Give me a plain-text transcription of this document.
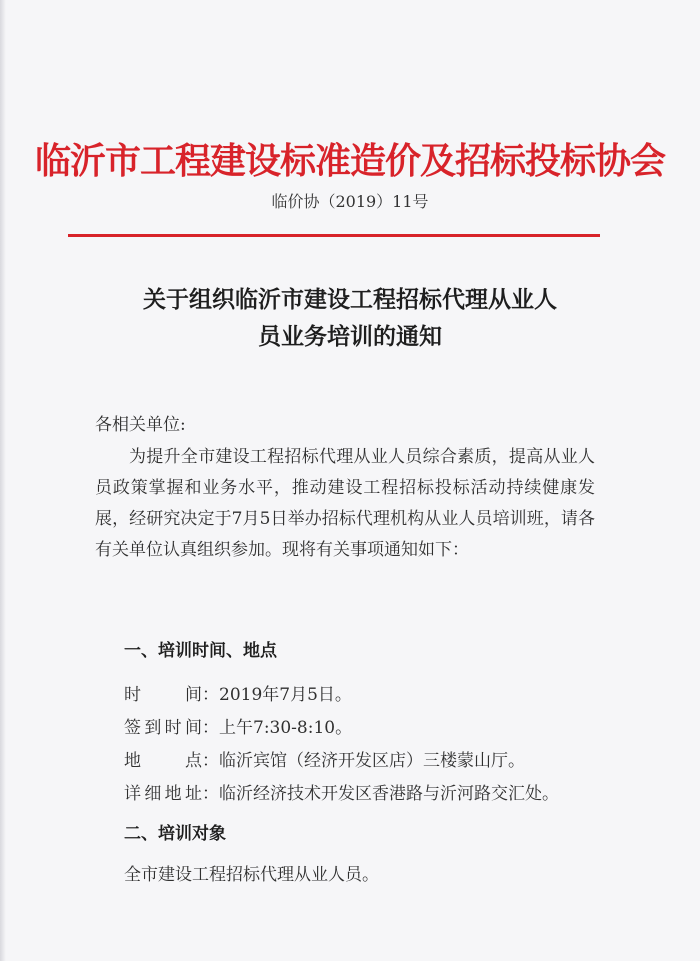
临沂市工程建设标准造价及招标投标协会
临价协（2019）11号
关于组织临沂市建设工程招标代理从业人
员业务培训的通知
各相关单位:
为提升全市建设工程招标代理从业人员综合素质，提高从业人员政策掌握和业务水平，推动建设工程招标投标活动持续健康发展，经研究决定于7月5日举办招标代理机构从业人员培训班，请各有关单位认真组织参加。现将有关事项通知如下：
一、培训时间、地点
时间：2019年7月5日。
签到时间：上午7:30-8:10。
地点：临沂宾馆（经济开发区店）三楼蒙山厅。
详细地址：临沂经济技术开发区香港路与沂河路交汇处。
二、培训对象
全市建设工程招标代理从业人员。
